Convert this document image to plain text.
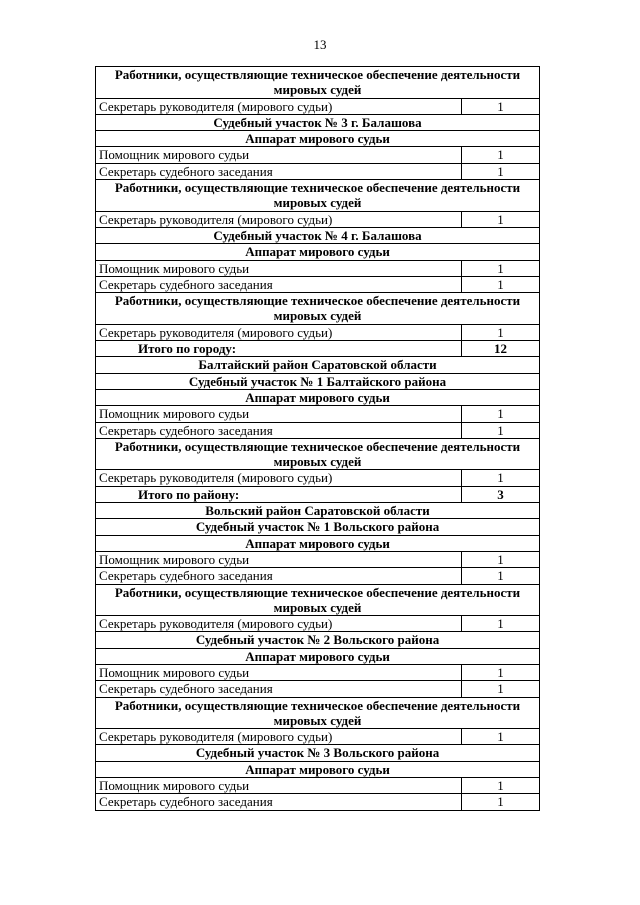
13
Работники, осуществляющие техническое обеспечение деятельности мировых судей	
Секретарь руководителя (мирового судьи)	1
Судебный участок № 3 г. Балашова	
Аппарат мирового судьи	
Помощник мирового судьи	1
Секретарь судебного заседания	1
Работники, осуществляющие техническое обеспечение деятельности мировых судей	
Секретарь руководителя (мирового судьи)	1
Судебный участок № 4 г. Балашова	
Аппарат мирового судьи	
Помощник мирового судьи	1
Секретарь судебного заседания	1
Работники, осуществляющие техническое обеспечение деятельности мировых судей	
Секретарь руководителя (мирового судьи)	1
Итого по городу:	12
Балтайский район Саратовской области	
Судебный участок № 1 Балтайского района	
Аппарат мирового судьи	
Помощник мирового судьи	1
Секретарь судебного заседания	1
Работники, осуществляющие техническое обеспечение деятельности мировых судей	
Секретарь руководителя (мирового судьи)	1
Итого по району:	3
Вольский район Саратовской области	
Судебный участок № 1 Вольского района	
Аппарат мирового судьи	
Помощник мирового судьи	1
Секретарь судебного заседания	1
Работники, осуществляющие техническое обеспечение деятельности мировых судей	
Секретарь руководителя (мирового судьи)	1
Судебный участок № 2 Вольского района	
Аппарат мирового судьи	
Помощник мирового судьи	1
Секретарь судебного заседания	1
Работники, осуществляющие техническое обеспечение деятельности мировых судей	
Секретарь руководителя (мирового судьи)	1
Судебный участок № 3 Вольского района	
Аппарат мирового судьи	
Помощник мирового судьи	1
Секретарь судебного заседания	1
